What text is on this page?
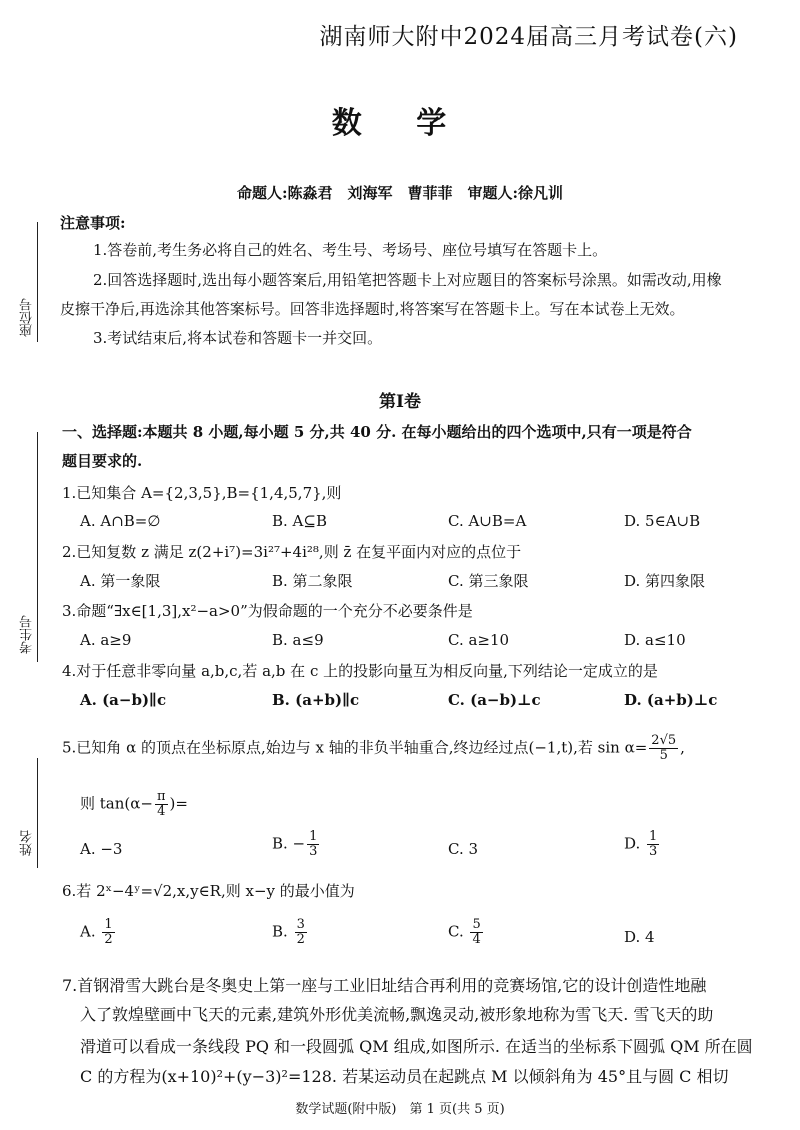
湖南师大附中2024届高三月考试卷(六)
数 学
命题人:陈淼君　刘海军　曹菲菲　审题人:徐凡训
注意事项:
1.答卷前,考生务必将自己的姓名、考生号、考场号、座位号填写在答题卡上。
2.回答选择题时,选出每小题答案后,用铅笔把答题卡上对应题目的答案标号涂黑。如需改动,用橡
皮擦干净后,再选涂其他答案标号。回答非选择题时,将答案写在答题卡上。写在本试卷上无效。
3.考试结束后,将本试卷和答题卡一并交回。
座位号
考生号
姓名
第Ⅰ卷
一、选择题:本题共 8 小题,每小题 5 分,共 40 分. 在每小题给出的四个选项中,只有一项是符合
题目要求的.
1.已知集合 A={2,3,5},B={1,4,5,7},则
A. A∩B=∅	B. A⊆B	C. A∪B=A	D. 5∈A∪B
2.已知复数 z 满足 z(2+i⁷)=3i²⁷+4i²⁸,则 z̄ 在复平面内对应的点位于
A. 第一象限	B. 第二象限	C. 第三象限	D. 第四象限
3.命题“∃x∈[1,3],x²−a>0”为假命题的一个充分不必要条件是
A. a≥9	B. a≤9	C. a≥10	D. a≤10
4.对于任意非零向量 a,b,c,若 a,b 在 c 上的投影向量互为相反向量,下列结论一定成立的是
A. (a−b)∥c	B. (a+b)∥c	C. (a−b)⊥c	D. (a+b)⊥c
5.已知角 α 的顶点在坐标原点,始边与 x 轴的非负半轴重合,终边经过点(−1,t),若 $\sin \alpha= \frac{2√5}{5}$ ,
则 $\tan(\alpha- \frac{\pi}{4}$ )=
A. −3	B. − $\frac{1}{3}$	C. 3	D. $\frac{1}{3}$
6.若 2ˣ−4ʸ=√2,x,y∈R,则 x−y 的最小值为
A. $\frac{1}{2}$	B. $\frac{3}{2}$	C. $\frac{5}{4}$	D. 4
7.首钢滑雪大跳台是冬奥史上第一座与工业旧址结合再利用的竞赛场馆,它的设计创造性地融
入了敦煌壁画中飞天的元素,建筑外形优美流畅,飘逸灵动,被形象地称为雪飞天. 雪飞天的助
滑道可以看成一条线段 PQ 和一段圆弧 QM 组成,如图所示. 在适当的坐标系下圆弧 QM 所在圆
C 的方程为(x+10)²+(y−3)²=128. 若某运动员在起跳点 M 以倾斜角为 45°且与圆 C 相切
数学试题(附中版)　第 1 页(共 5 页)
